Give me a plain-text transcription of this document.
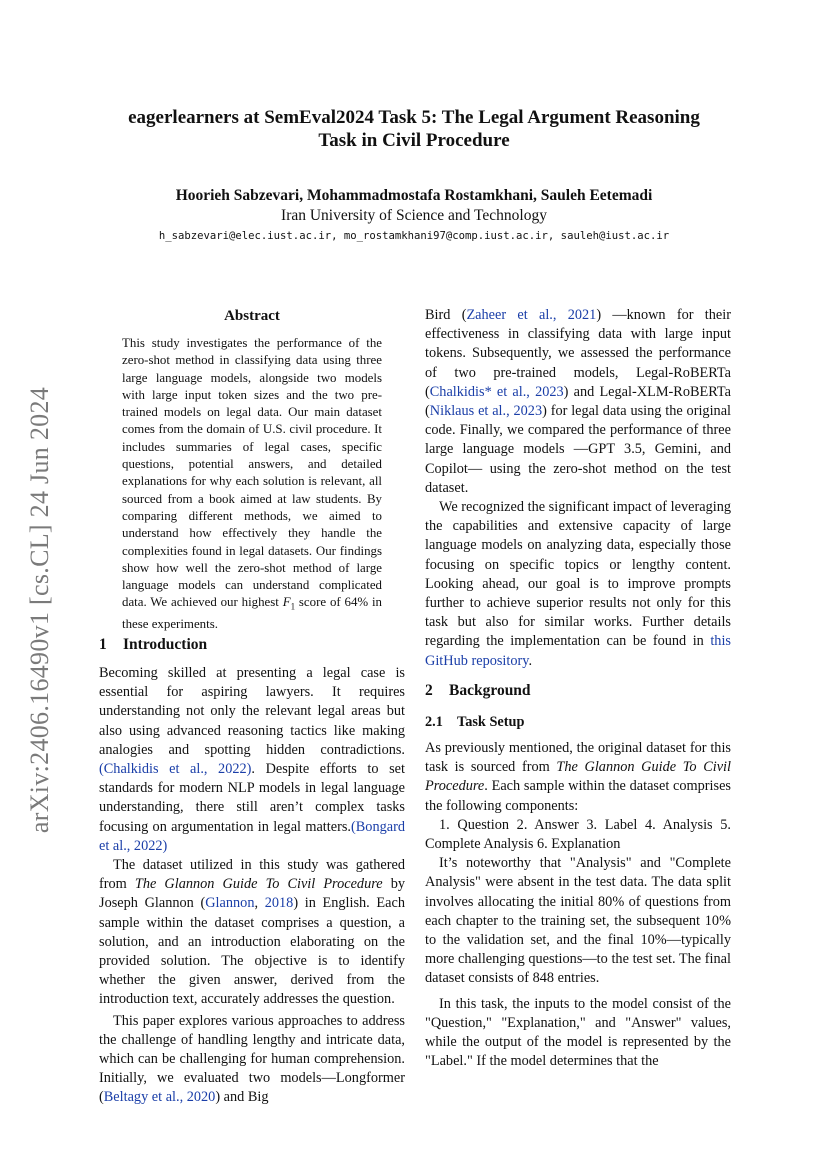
arXiv:2406.16490v1 [cs.CL] 24 Jun 2024
eagerlearners at SemEval2024 Task 5: The Legal Argument Reasoning
Task in Civil Procedure
Hoorieh Sabzevari, Mohammadmostafa Rostamkhani, Sauleh Eetemadi
Iran University of Science and Technology
h_sabzevari@elec.iust.ac.ir, mo_rostamkhani97@comp.iust.ac.ir, sauleh@iust.ac.ir
Abstract

This study investigates the performance of the zero-shot method in classifying data using three large language models, alongside two models with large input token sizes and the two pre-trained models on legal data. Our main dataset comes from the domain of U.S. civil procedure. It includes summaries of legal cases, specific questions, potential answers, and detailed explanations for why each solution is relevant, all sourced from a book aimed at law students. By comparing different methods, we aimed to understand how effectively they handle the complexities found in legal datasets. Our findings show how well the zero-shot method of large language models can understand complicated data. We achieved our highest $F_1$ score of 64% in these experiments.

1 Introduction

Becoming skilled at presenting a legal case is essential for aspiring lawyers. It requires understanding not only the relevant legal areas but also using advanced reasoning tactics like making analogies and spotting hidden contradictions. (Chalkidis et al., 2022). Despite efforts to set standards for modern NLP models in legal language understanding, there still aren’t complex tasks focusing on argumentation in legal matters.(Bongard et al., 2022)

The dataset utilized in this study was gathered from The Glannon Guide To Civil Procedure by Joseph Glannon (Glannon, 2018) in English. Each sample within the dataset comprises a question, a solution, and an introduction elaborating on the provided solution. The objective is to identify whether the given answer, derived from the introduction text, accurately addresses the question.

This paper explores various approaches to address the challenge of handling lengthy and intricate data, which can be challenging for human comprehension. Initially, we evaluated two models—Longformer (Beltagy et al., 2020) and Big

Bird (Zaheer et al., 2021) —known for their effectiveness in classifying data with large input tokens. Subsequently, we assessed the performance of two pre-trained models, Legal-RoBERTa (Chalkidis* et al., 2023) and Legal-XLM-RoBERTa (Niklaus et al., 2023) for legal data using the original code. Finally, we compared the performance of three large language models —GPT 3.5, Gemini, and Copilot— using the zero-shot method on the test dataset.

We recognized the significant impact of leveraging the capabilities and extensive capacity of large language models on analyzing data, especially those focusing on specific topics or lengthy content. Looking ahead, our goal is to improve prompts further to achieve superior results not only for this task but also for similar works. Further details regarding the implementation can be found in this GitHub repository.

2 Background
2.1 Task Setup

As previously mentioned, the original dataset for this task is sourced from The Glannon Guide To Civil Procedure. Each sample within the dataset comprises the following components:

1. Question 2. Answer 3. Label 4. Analysis 5. Complete Analysis 6. Explanation

It’s noteworthy that "Analysis" and "Complete Analysis" were absent in the test data. The data split involves allocating the initial 80% of questions from each chapter to the training set, the subsequent 10% to the validation set, and the final 10%—typically more challenging questions—to the test set. The final dataset consists of 848 entries.

In this task, the inputs to the model consist of the "Question," "Explanation," and "Answer" values, while the output of the model is represented by the "Label." If the model determines that the
